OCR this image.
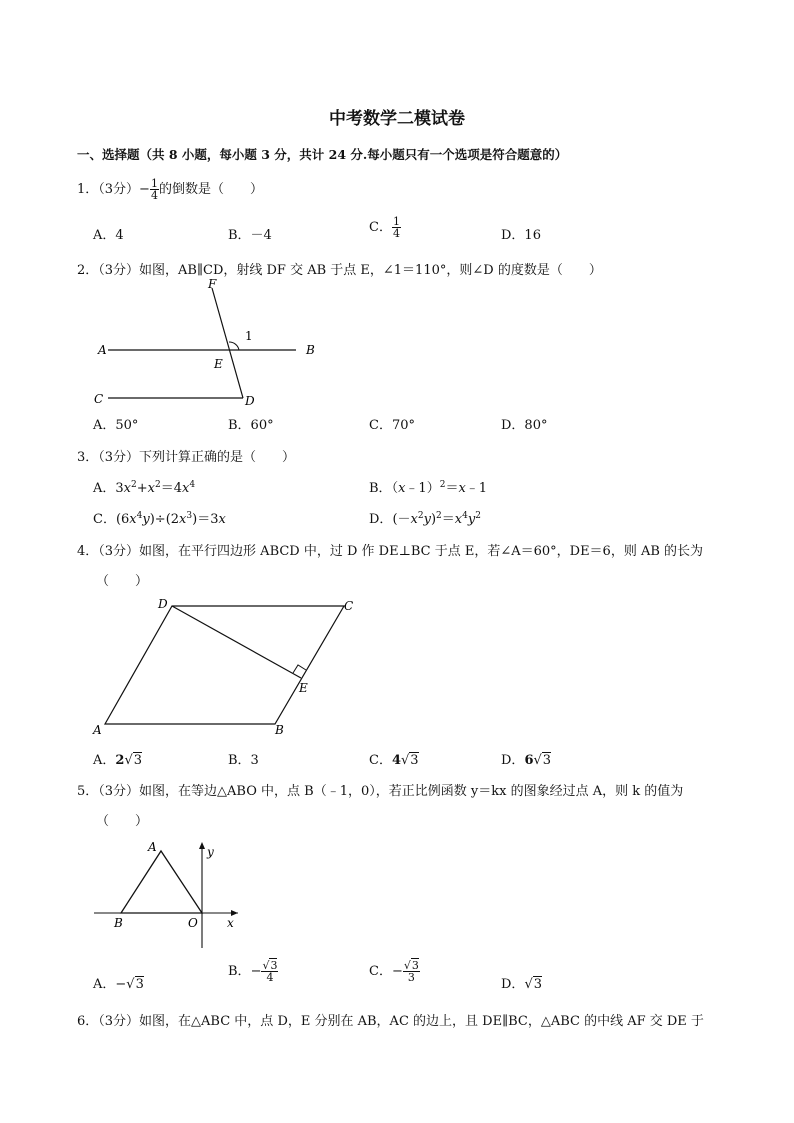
中考数学二模试卷
一、选择题（共 8 小题，每小题 3 分，共计 24 分.每小题只有一个选项是符合题意的）
1．（3分）− $\frac{1}{4}$ 的倒数是（　　）
A．4	B．－4
C． $\frac{1}{4}$	D．16
2．（3分）如图，AB∥CD，射线 DF 交 AB 于点 E，∠1＝110°，则∠D 的度数是（　　）
F
1
A
E
B
C	D
A．50°	B．60°	C．70°	D．80°
3．（3分）下列计算正确的是（　　）
A．$3x^2+x^2=4x^4$	B．（x﹣1）$^2$＝x﹣1
C．$(6x^4y)\div(2x^3)=3x$	D．$(-x^2y)^2=x^4y^2$
4．（3分）如图，在平行四边形 ABCD 中，过 D 作 DE⊥BC 于点 E，若∠A＝60°，DE＝6，则 AB 的长为
（　　）
D	C
E
A	B
A．2√3	B．3	C．4√3	D．6√3
5．（3分）如图，在等边△ABO 中，点 B（﹣1，0），若正比例函数 y＝kx 的图象经过点 A，则 k 的值为
（　　）
A	y
B	O x
A．−√3
B．− $\frac{√3}{4}$	C．− $\frac{√3}{3}$
D．√3
6．（3分）如图，在△ABC 中，点 D，E 分别在 AB，AC 的边上，且 DE∥BC，△ABC 的中线 AF 交 DE 于
